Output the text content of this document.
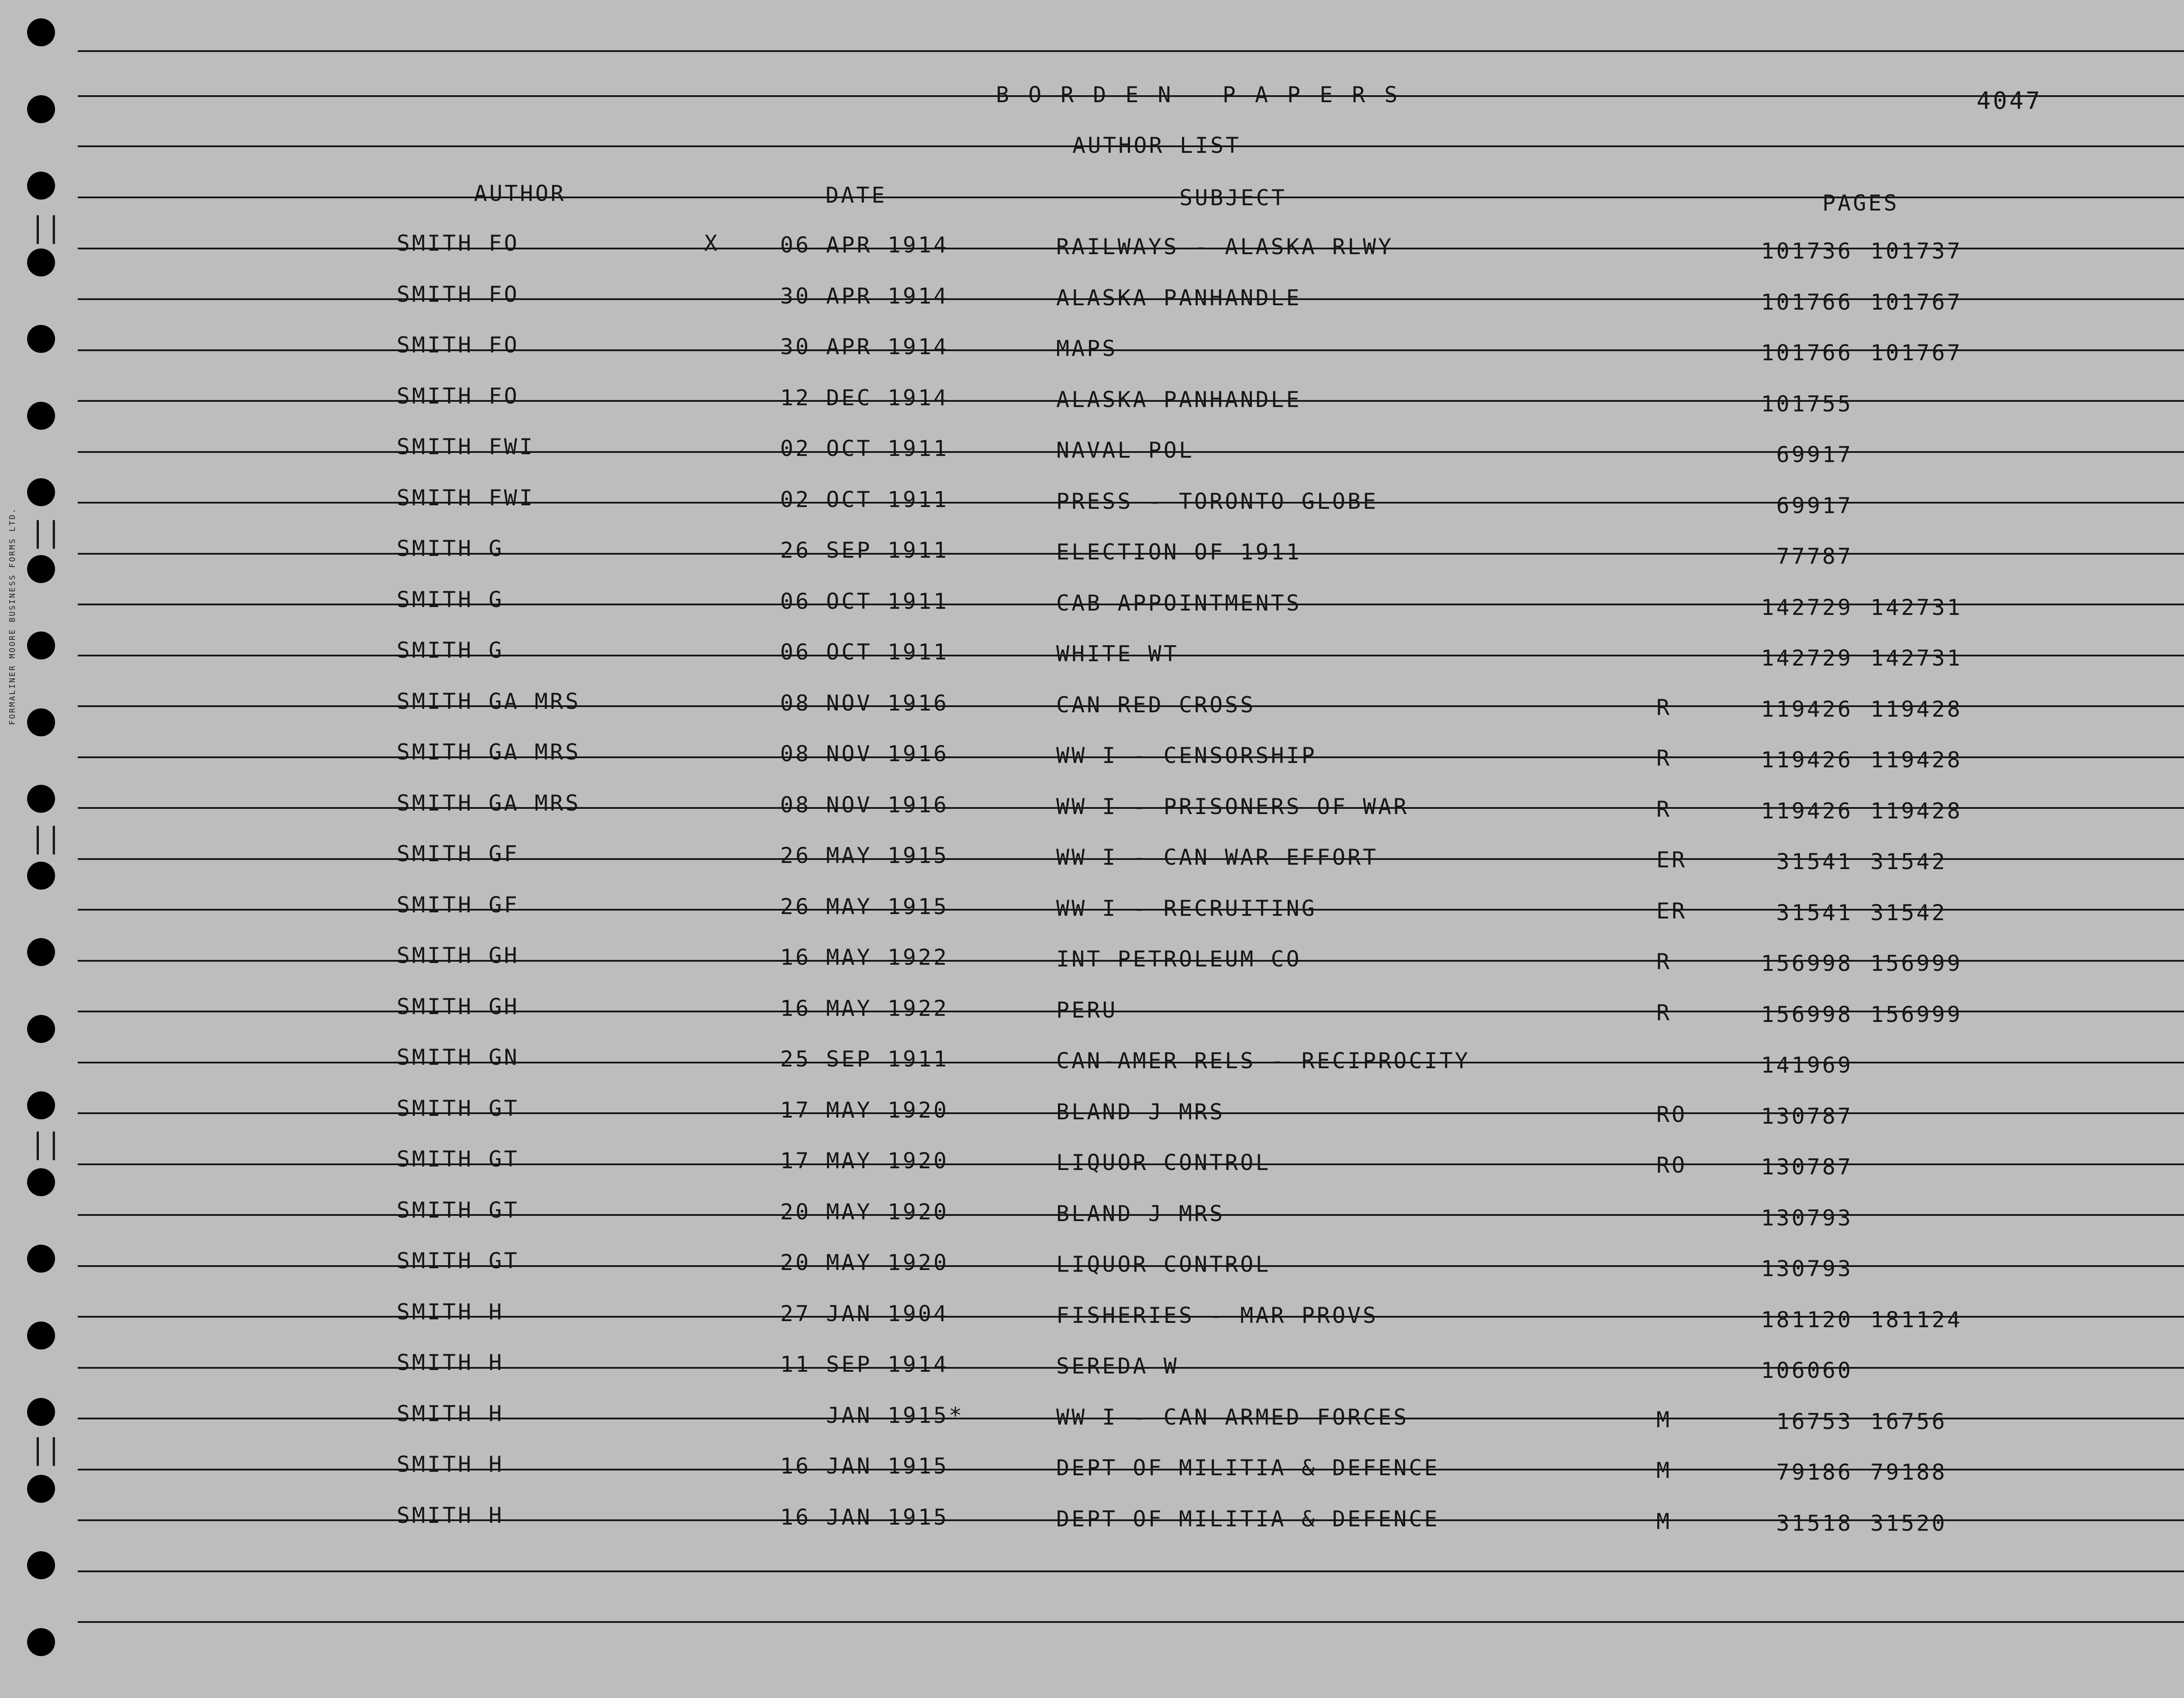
BORDEN PAPERS	4047
AUTHOR LIST
AUTHOR	DATE	SUBJECT	PAGES
SMITH FO	X	06 APR 1914	RAILWAYS - ALASKA RLWY	101736 101737
SMITH FO	30 APR 1914	ALASKA PANHANDLE	101766 101767
SMITH FO	30 APR 1914	MAPS	101766 101767
SMITH FO	12 DEC 1914	ALASKA PANHANDLE	101755
SMITH FWI	02 OCT 1911	NAVAL POL	69917
SMITH FWI	02 OCT 1911	PRESS - TORONTO GLOBE	69917
SMITH G	26 SEP 1911	ELECTION OF 1911	77787
SMITH G	06 OCT 1911	CAB APPOINTMENTS	142729 142731
SMITH G	06 OCT 1911	WHITE WT	142729 142731
SMITH GA MRS	08 NOV 1916	CAN RED CROSS	R	119426 119428
SMITH GA MRS	08 NOV 1916	WW I - CENSORSHIP	R	119426 119428
SMITH GA MRS	08 NOV 1916	WW I - PRISONERS OF WAR	R	119426 119428
SMITH GF	26 MAY 1915	WW I - CAN WAR EFFORT	ER	31541 31542
SMITH GF	26 MAY 1915	WW I - RECRUITING	ER	31541 31542
SMITH GH	16 MAY 1922	INT PETROLEUM CO	R	156998 156999
SMITH GH	16 MAY 1922	PERU	R	156998 156999
SMITH GN	25 SEP 1911	CAN-AMER RELS - RECIPROCITY	141969
SMITH GT	17 MAY 1920	BLAND J MRS	RO	130787
SMITH GT	17 MAY 1920	LIQUOR CONTROL	RO	130787
SMITH GT	20 MAY 1920	BLAND J MRS	130793
SMITH GT	20 MAY 1920	LIQUOR CONTROL	130793
SMITH H	27 JAN 1904	FISHERIES - MAR PROVS	181120 181124
SMITH H	11 SEP 1914	SEREDA W	106060
SMITH H	JAN 1915*	WW I - CAN ARMED FORCES	M	16753 16756
SMITH H	16 JAN 1915	DEPT OF MILITIA & DEFENCE	M	79186 79188
SMITH H	16 JAN 1915	DEPT OF MILITIA & DEFENCE	M	31518 31520
⏐⏐
⏐⏐
⏐⏐
⏐⏐
⏐⏐
FORMALINER MOORE BUSINESS FORMS LTD.
